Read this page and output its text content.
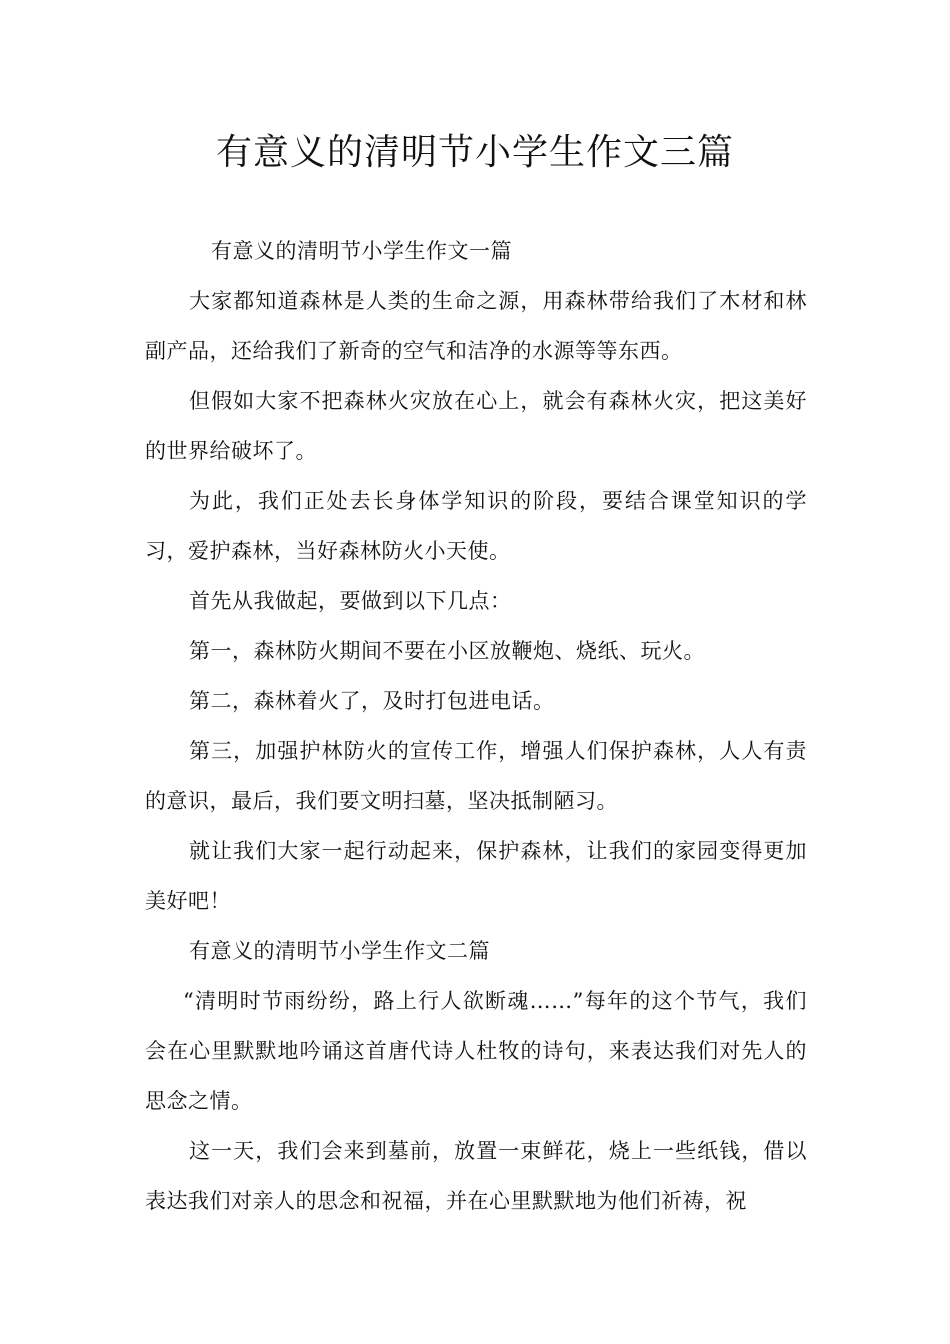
有意义的清明节小学生作文三篇

有意义的清明节小学生作文一篇

大家都知道森林是人类的生命之源，用森林带给我们了木材和林副产品，还给我们了新奇的空气和洁净的水源等等东西。

但假如大家不把森林火灾放在心上，就会有森林火灾，把这美好的世界给破坏了。

为此，我们正处去长身体学知识的阶段，要结合课堂知识的学习，爱护森林，当好森林防火小天使。

首先从我做起，要做到以下几点：

第一，森林防火期间不要在小区放鞭炮、烧纸、玩火。

第二，森林着火了，及时打包进电话。

第三，加强护林防火的宣传工作，增强人们保护森林，人人有责的意识，最后，我们要文明扫墓，坚决抵制陋习。

就让我们大家一起行动起来，保护森林，让我们的家园变得更加美好吧！

有意义的清明节小学生作文二篇

“清明时节雨纷纷，路上行人欲断魂……”每年的这个节气，我们会在心里默默地吟诵这首唐代诗人杜牧的诗句，来表达我们对先人的思念之情。

这一天，我们会来到墓前，放置一束鲜花，烧上一些纸钱，借以表达我们对亲人的思念和祝福，并在心里默默地为他们祈祷，祝
